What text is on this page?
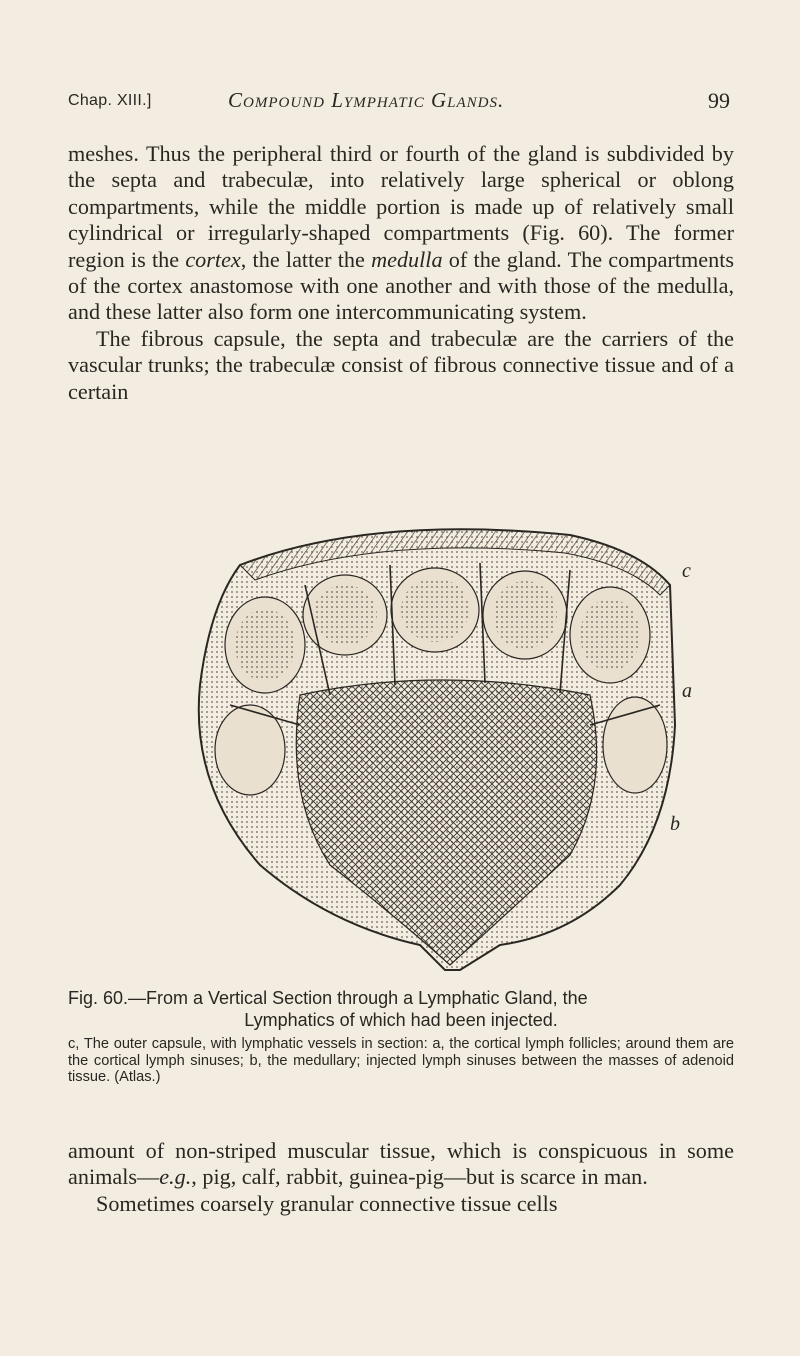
Chap. XIII.]	Compound Lymphatic Glands.	99

meshes. Thus the peripheral third or fourth of the gland is subdivided by the septa and trabeculæ, into relatively large spherical or oblong compartments, while the middle portion is made up of relatively small cylindrical or irregularly-shaped compartments (Fig. 60). The former region is the cortex, the latter the medulla of the gland. The compartments of the cortex anastomose with one another and with those of the medulla, and these latter also form one intercommunicating system.

The fibrous capsule, the septa and trabeculæ are the carriers of the vascular trunks; the trabeculæ consist of fibrous connective tissue and of a certain

c
a
b

Fig. 60.—From a Vertical Section through a Lymphatic Gland, the
Lymphatics of which had been injected.

c, The outer capsule, with lymphatic vessels in section: a, the cortical lymph follicles; around them are the cortical lymph sinuses; b, the medullary; injected lymph sinuses between the masses of adenoid tissue. (Atlas.)

amount of non-striped muscular tissue, which is conspicuous in some animals—e.g., pig, calf, rabbit, guinea-pig—but is scarce in man.

Sometimes coarsely granular connective tissue cells
